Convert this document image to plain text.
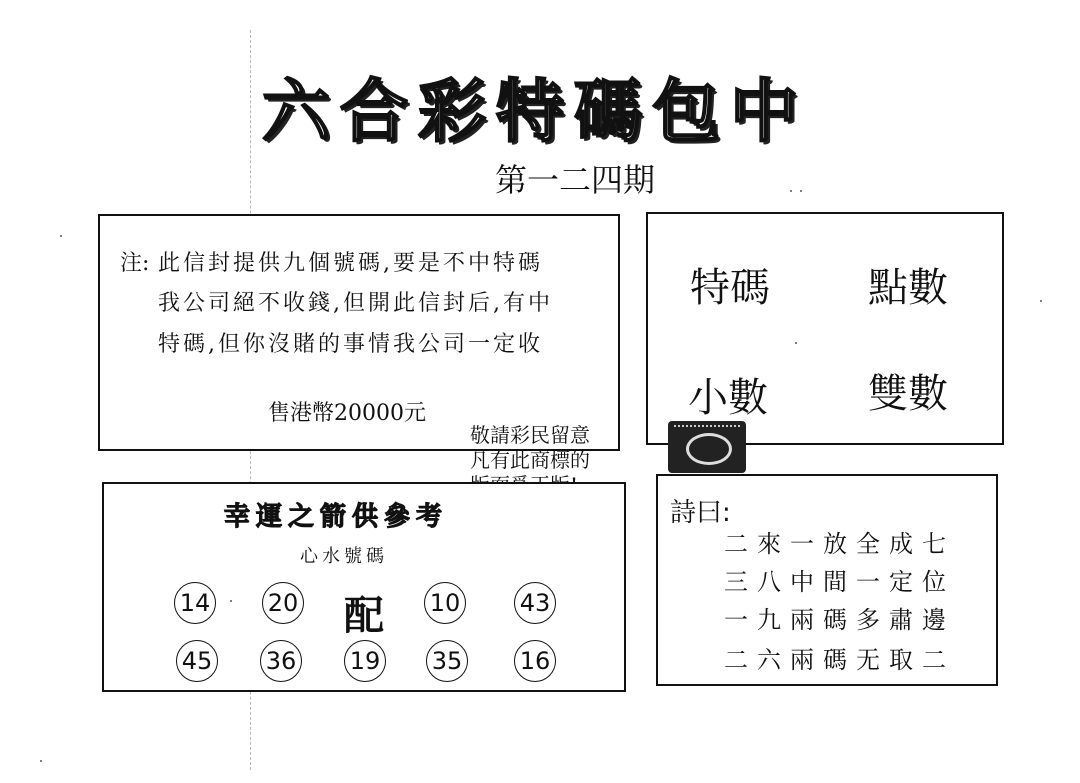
六合彩特碼包中
第一二四期
注: 此信封提供九個號碼,要是不中特碼
我公司絕不收錢,但開此信封后,有中
特碼,但你沒賭的事情我公司一定收
售港幣20000元
特碼 點數
小數	雙數
敬請彩民留意
凡有此商標的
幸運之箭供參考
心水號碼
配
14 20	10 43
45 36 19 35 16
詩曰:
二來一放全成七
三八中間一定位
一九兩碼多肅邊
二六兩碼无取二
